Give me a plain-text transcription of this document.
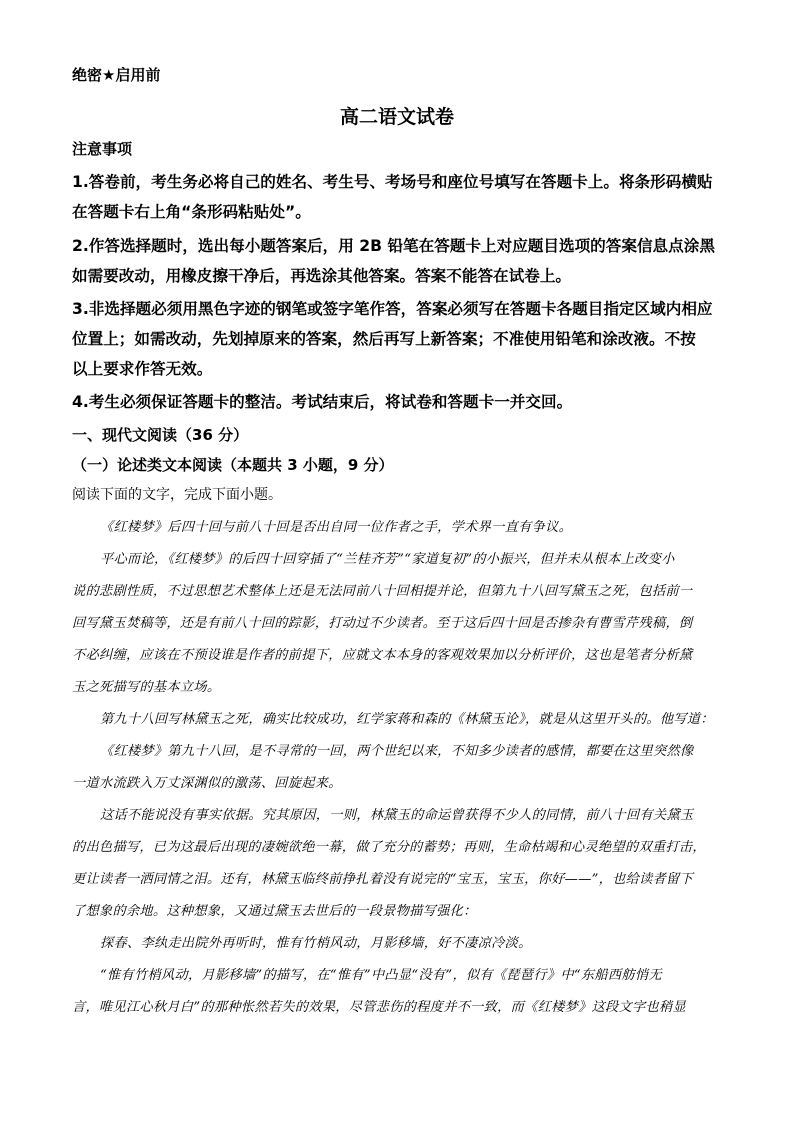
绝密★启用前
高二语文试卷
注意事项
1.答卷前，考生务必将自己的姓名、考生号、考场号和座位号填写在答题卡上。将条形码横贴
在答题卡右上角“条形码粘贴处”。
2.作答选择题时，选出每小题答案后，用 2B 铅笔在答题卡上对应题目选项的答案信息点涂黑
如需要改动，用橡皮擦干净后，再选涂其他答案。答案不能答在试卷上。
3.非选择题必须用黑色字迹的钢笔或签字笔作答，答案必须写在答题卡各题目指定区域内相应
位置上；如需改动，先划掉原来的答案，然后再写上新答案；不准使用铅笔和涂改液。不按
以上要求作答无效。
4.考生必须保证答题卡的整洁。考试结束后，将试卷和答题卡一并交回。
一、现代文阅读（36 分）
（一）论述类文本阅读（本题共 3 小题，9 分）
阅读下面的文字，完成下面小题。
《红楼梦》后四十回与前八十回是否出自同一位作者之手，学术界一直有争议。
平心而论，《红楼梦》的后四十回穿插了“兰桂齐芳”“家道复初”的小振兴，但并未从根本上改变小
说的悲剧性质，不过思想艺术整体上还是无法同前八十回相提并论，但第九十八回写黛玉之死，包括前一
回写黛玉焚稿等，还是有前八十回的踪影，打动过不少读者。至于这后四十回是否掺杂有曹雪芹残稿，倒
不必纠缠，应该在不预设谁是作者的前提下，应就文本本身的客观效果加以分析评价，这也是笔者分析黛
玉之死描写的基本立场。
第九十八回写林黛玉之死，确实比较成功，红学家蒋和森的《林黛玉论》，就是从这里开头的。他写道：
《红楼梦》第九十八回，是不寻常的一回，两个世纪以来，不知多少读者的感情，都要在这里突然像
一道水流跌入万丈深渊似的激荡、回旋起来。
这话不能说没有事实依据。究其原因，一则，林黛玉的命运曾获得不少人的同情，前八十回有关黛玉
的出色描写，已为这最后出现的凄婉欲绝一幕，做了充分的蓄势；再则，生命枯竭和心灵绝望的双重打击，
更让读者一洒同情之泪。还有，林黛玉临终前挣扎着没有说完的“宝玉，宝玉，你好——”，也给读者留下
了想象的余地。这种想象，又通过黛玉去世后的一段景物描写强化：
探春、李纨走出院外再听时，惟有竹梢风动，月影移墙，好不凄凉冷淡。
“惟有竹梢风动，月影移墙”的描写，在“惟有”中凸显“没有”，似有《琵琶行》中“东船西舫悄无
言，唯见江心秋月白”的那种怅然若失的效果，尽管悲伤的程度并不一致，而《红楼梦》这段文字也稍显
